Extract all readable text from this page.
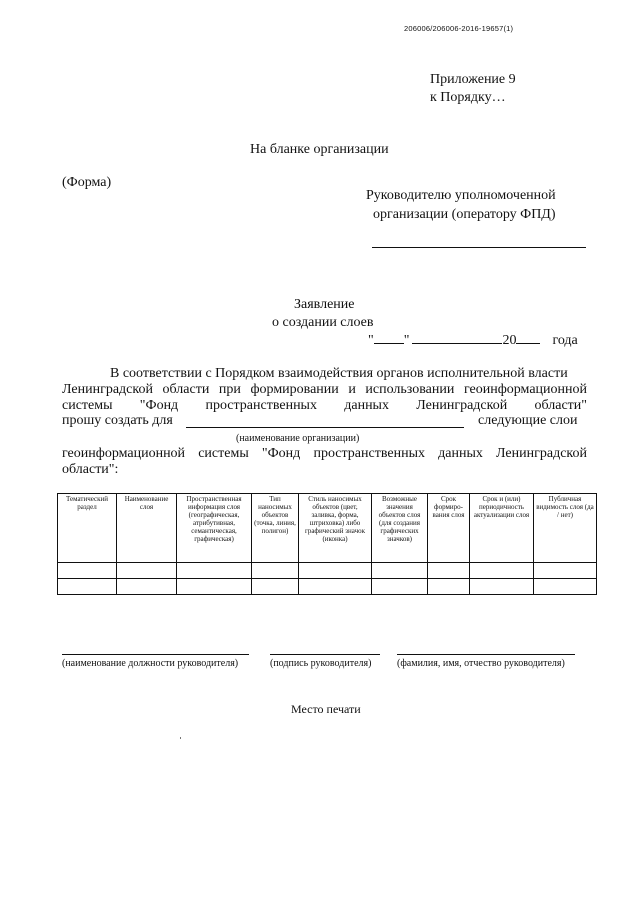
206006/206006-2016-19657(1)
Приложение 9
к Порядку…
На бланке организации
(Форма)
Руководителю уполномоченной
организации (оператору ФПД)
Заявление
о создании слоев
" "	20	года
В соответствии с Порядком взаимодействия органов исполнительной власти
Ленинградской области при формировании и использовании геоинформационной
системы "Фонд пространственных данных Ленинградской области"
прошу создать для	следующие слои
(наименование организации)
геоинформационной системы "Фонд пространственных данных Ленинградской
области":
Тематический раздел	Наименование слоя	Пространственная информация слоя (географическая, атрибутивная, семантическая, графическая)	Тип наносимых объектов (точка, линия, полигон)	Стиль наносимых объектов (цвет, заливка, форма, штриховка) либо графический значок (иконка)	Возможные значения объектов слоя (для создания графических значков)	Срок формиро-вания слоя	Срок и (или) периодичность актуализации слоя	Публичная видимость слоя (да / нет)

(наименование должности руководителя)	(подпись руководителя)	(фамилия, имя, отчество руководителя)
Место печати
